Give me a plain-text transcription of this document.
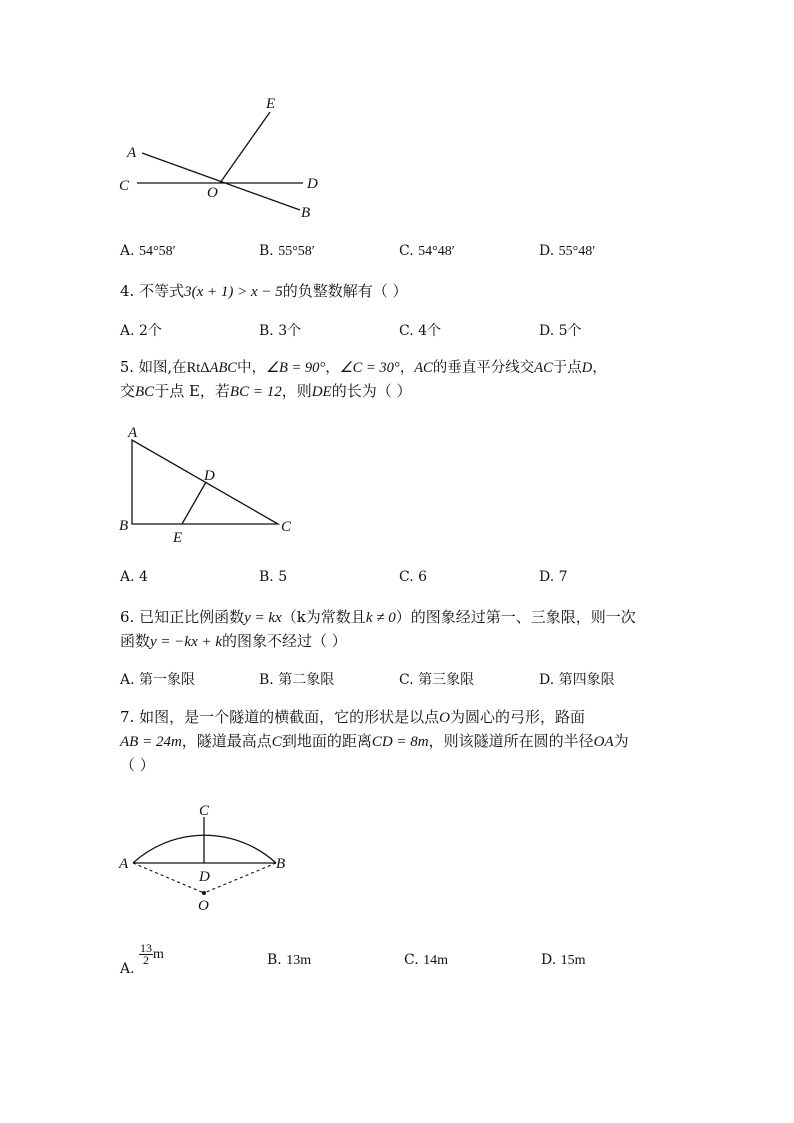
E
A
C	O
D
B
A. 54°58′	B. 55°58′	C. 54°48′	D. 55°48′
4. 不等式3(x + 1) > x − 5的负整数解有（ ）
A. 2个	B. 3个	C. 4个	D. 5个
5. 如图,在RtΔABC中，∠B = 90°，∠C = 30°，AC的垂直平分线交AC于点D，
交BC于点 E，若BC = 12，则DE的长为（ ）
A
D
B
E
C
A. 4	B. 5	C. 6	D. 7
6. 已知正比例函数y = kx（k为常数且k ≠ 0）的图象经过第一、三象限，则一次
函数y = −kx + k的图象不经过（ ）
A. 第一象限	B. 第二象限	C. 第三象限	D. 第四象限
7. 如图，是一个隧道的横截面，它的形状是以点O为圆心的弓形，路面
AB = 24m，隧道最高点C到地面的距离CD = 8m，则该隧道所在圆的半径OA为
（ ）
C
A	B
D
O
A.
$\frac{13}{2}$ m	B. 13m	C. 14m	D. 15m
